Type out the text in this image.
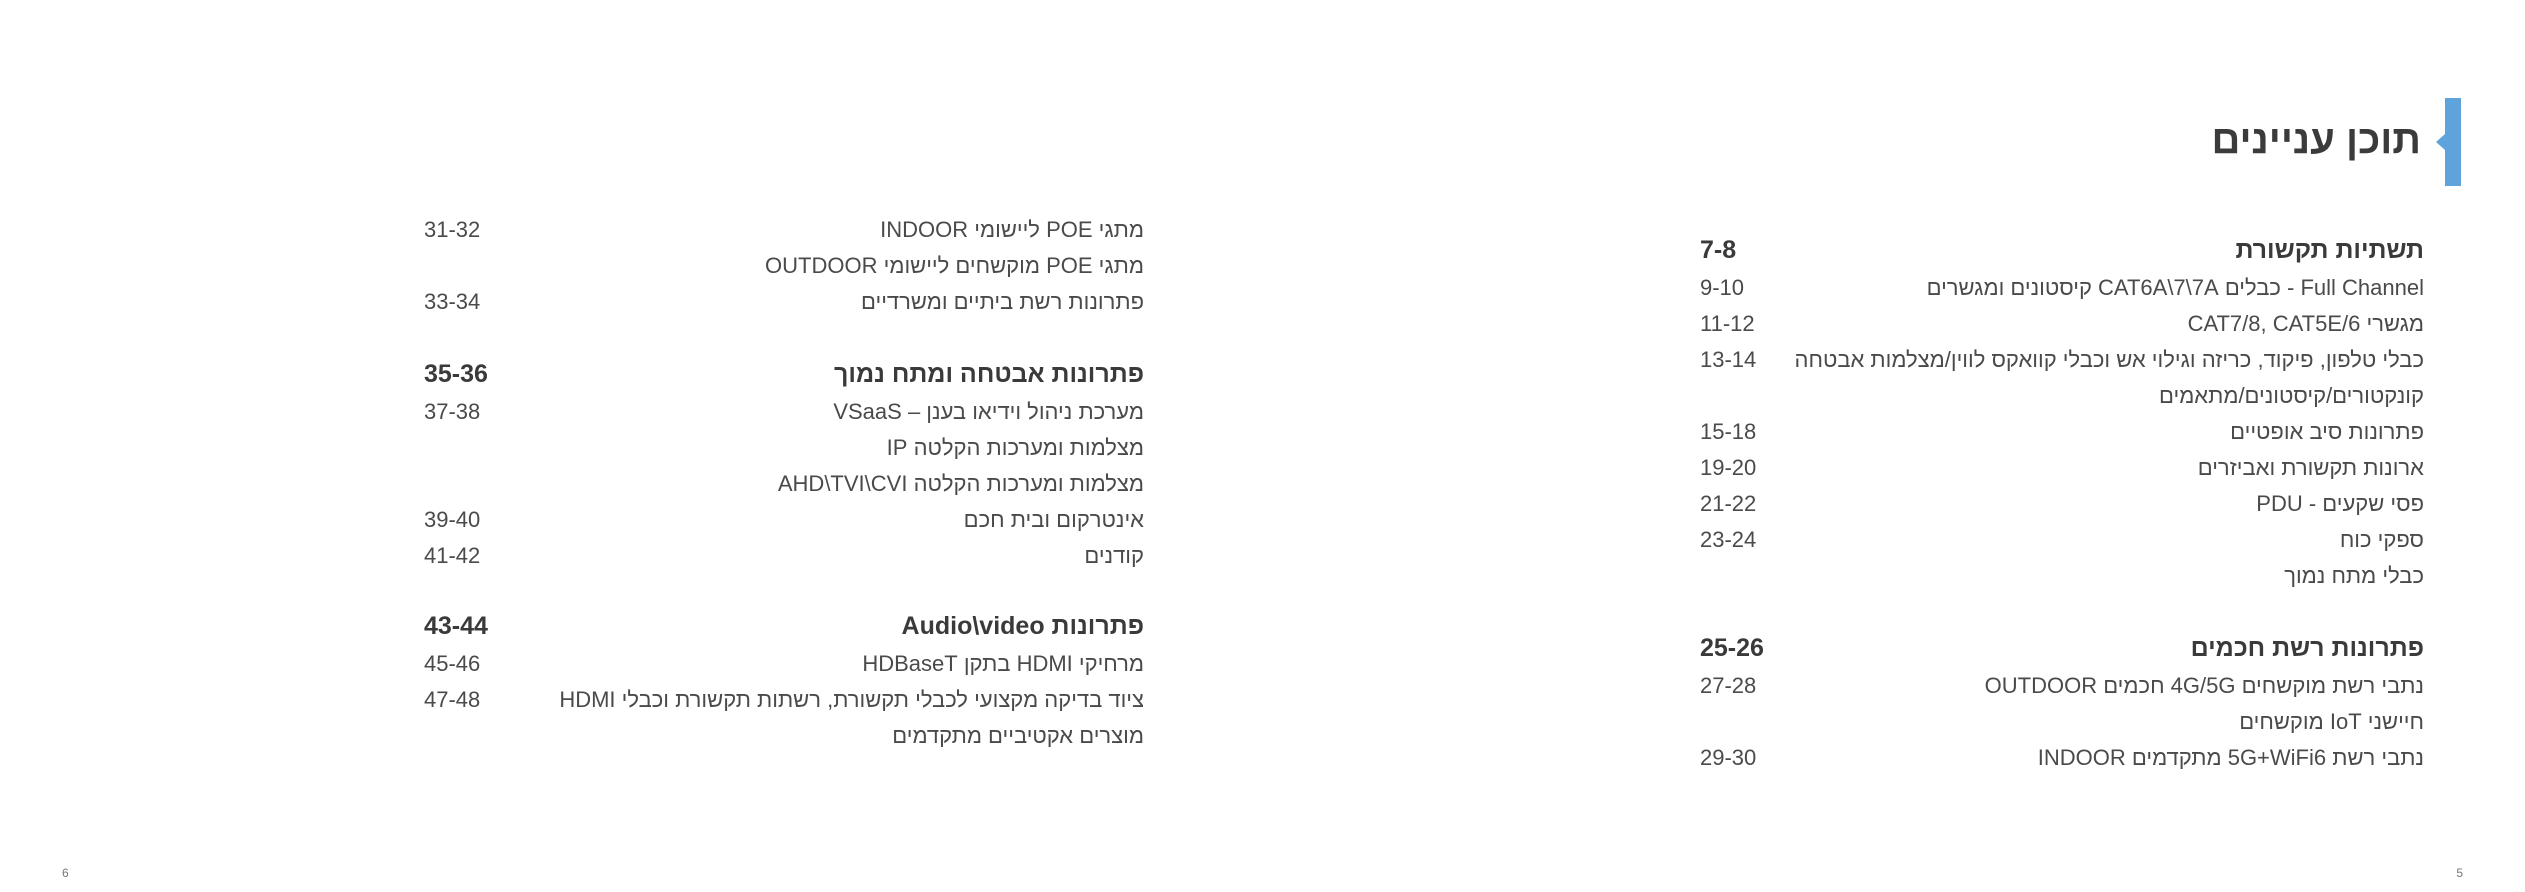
תוכן עניינים
תשתיות תקשורת
7-8
Full Channel - כבלים CAT6A\7\7A קיסטונים ומגשרים
9-10
מגשרי CAT7/8, CAT5E/6
11-12
כבלי טלפון, פיקוד, כריזה וגילוי אש וכבלי קוואקס לווין/מצלמות אבטחה
13-14
קונקטורים/קיסטונים/מתאמים
פתרונות סיב אופטיים
15-18
ארונות תקשורת ואביזרים
19-20
פסי שקעים - PDU
21-22
ספקי כוח
23-24
כבלי מתח נמוך
פתרונות רשת חכמים
25-26
נתבי רשת מוקשחים 4G/5G חכמים OUTDOOR
27-28
חיישני IoT מוקשחים
נתבי רשת 5G+WiFi6 מתקדמים INDOOR
29-30
מתגי POE ליישומי INDOOR
31-32
מתגי POE מוקשחים ליישומי OUTDOOR
פתרונות רשת ביתיים ומשרדיים
33-34
פתרונות אבטחה ומתח נמוך
35-36
מערכת ניהול וידיאו בענן – VSaaS
37-38
מצלמות ומערכות הקלטה IP
מצלמות ומערכות הקלטה AHD\TVI\CVI
אינטרקום ובית חכם
39-40
קודנים
41-42
פתרונות Audio\video
43-44
מרחיקי HDMI בתקן HDBaseT
45-46
ציוד בדיקה מקצועי לכבלי תקשורת, רשתות תקשורת וכבלי HDMI
47-48
מוצרים אקטיביים מתקדמים
6	5
